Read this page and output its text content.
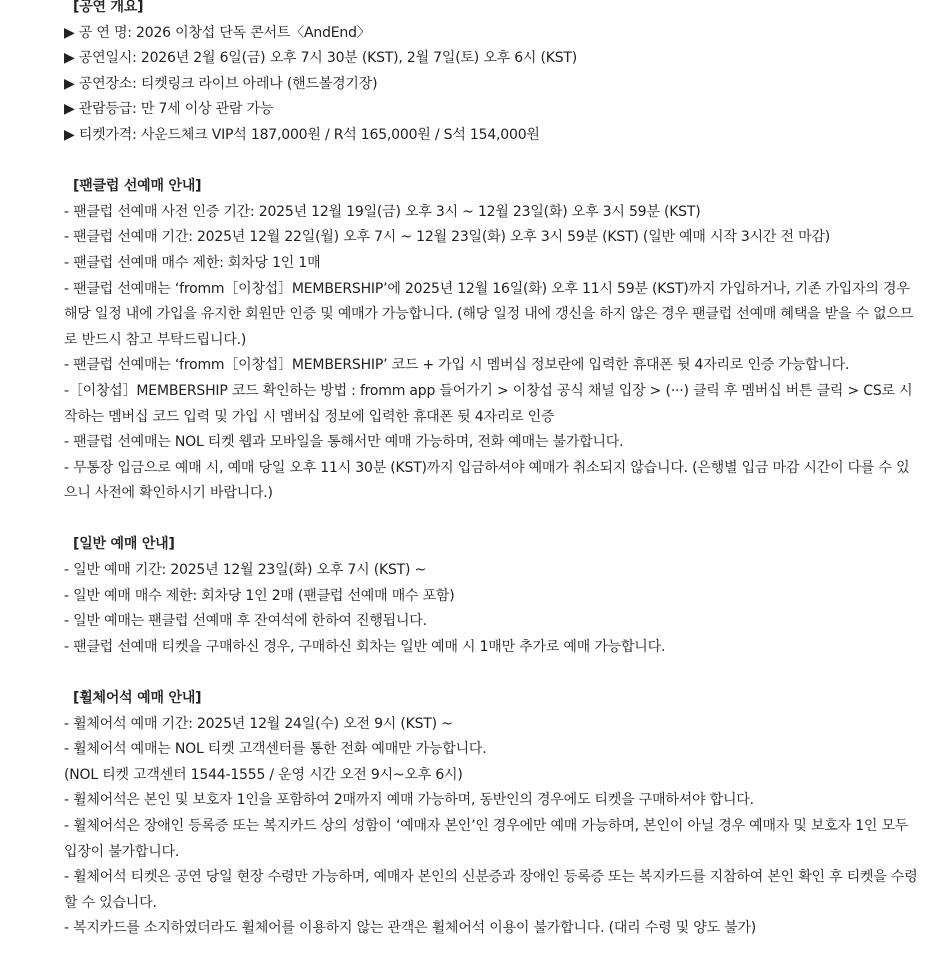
[공연 개요]
▶ 공 연 명: 2026 이창섭 단독 콘서트〈AndEnd〉
▶ 공연일시: 2026년 2월 6일(금) 오후 7시 30분 (KST), 2월 7일(토) 오후 6시 (KST)
▶ 공연장소: 티켓링크 라이브 아레나 (핸드볼경기장)
▶ 관람등급: 만 7세 이상 관람 가능
▶ 티켓가격: 사운드체크 VIP석 187,000원 / R석 165,000원 / S석 154,000원
[팬클럽 선예매 안내]
- 팬클럽 선예매 사전 인증 기간: 2025년 12월 19일(금) 오후 3시 ~ 12월 23일(화) 오후 3시 59분 (KST)
- 팬클럽 선예매 기간: 2025년 12월 22일(월) 오후 7시 ~ 12월 23일(화) 오후 3시 59분 (KST) (일반 예매 시작 3시간 전 마감)
- 팬클럽 선예매 매수 제한: 회차당 1인 1매
- 팬클럽 선예매는 ‘fromm［이창섭］MEMBERSHIP’에 2025년 12월 16일(화) 오후 11시 59분 (KST)까지 가입하거나, 기존 가입자의 경우 해당 일정 내에 가입을 유지한 회원만 인증 및 예매가 가능합니다. (해당 일정 내에 갱신을 하지 않은 경우 팬클럽 선예매 혜택을 받을 수 없으므로 반드시 참고 부탁드립니다.)
- 팬클럽 선예매는 ‘fromm［이창섭］MEMBERSHIP’ 코드 + 가입 시 멤버십 정보란에 입력한 휴대폰 뒷 4자리로 인증 가능합니다.
-［이창섭］MEMBERSHIP 코드 확인하는 방법 : fromm app 들어가기 > 이창섭 공식 채널 입장 > (···) 클릭 후 멤버십 버튼 클릭 > CS로 시작하는 멤버십 코드 입력 및 가입 시 멤버십 정보에 입력한 휴대폰 뒷 4자리로 인증
- 팬클럽 선예매는 NOL 티켓 웹과 모바일을 통해서만 예매 가능하며, 전화 예매는 불가합니다.
- 무통장 입금으로 예매 시, 예매 당일 오후 11시 30분 (KST)까지 입금하셔야 예매가 취소되지 않습니다. (은행별 입금 마감 시간이 다를 수 있으니 사전에 확인하시기 바랍니다.)
[일반 예매 안내]
- 일반 예매 기간: 2025년 12월 23일(화) 오후 7시 (KST) ~
- 일반 예매 매수 제한: 회차당 1인 2매 (팬클럽 선예매 매수 포함)
- 일반 예매는 팬클럽 선예매 후 잔여석에 한하여 진행됩니다.
- 팬클럽 선예매 티켓을 구매하신 경우, 구매하신 회차는 일반 예매 시 1매만 추가로 예매 가능합니다.
[휠체어석 예매 안내]
- 휠체어석 예매 기간: 2025년 12월 24일(수) 오전 9시 (KST) ~
- 휠체어석 예매는 NOL 티켓 고객센터를 통한 전화 예매만 가능합니다.
(NOL 티켓 고객센터 1544-1555 / 운영 시간 오전 9시~오후 6시)
- 휠체어석은 본인 및 보호자 1인을 포함하여 2매까지 예매 가능하며, 동반인의 경우에도 티켓을 구매하셔야 합니다.
- 휠체어석은 장애인 등록증 또는 복지카드 상의 성함이 ‘예매자 본인’인 경우에만 예매 가능하며, 본인이 아닐 경우 예매자 및 보호자 1인 모두 입장이 불가합니다.
- 휠체어석 티켓은 공연 당일 현장 수령만 가능하며, 예매자 본인의 신분증과 장애인 등록증 또는 복지카드를 지참하여 본인 확인 후 티켓을 수령할 수 있습니다.
- 복지카드를 소지하였더라도 휠체어를 이용하지 않는 관객은 휠체어석 이용이 불가합니다. (대리 수령 및 양도 불가)
